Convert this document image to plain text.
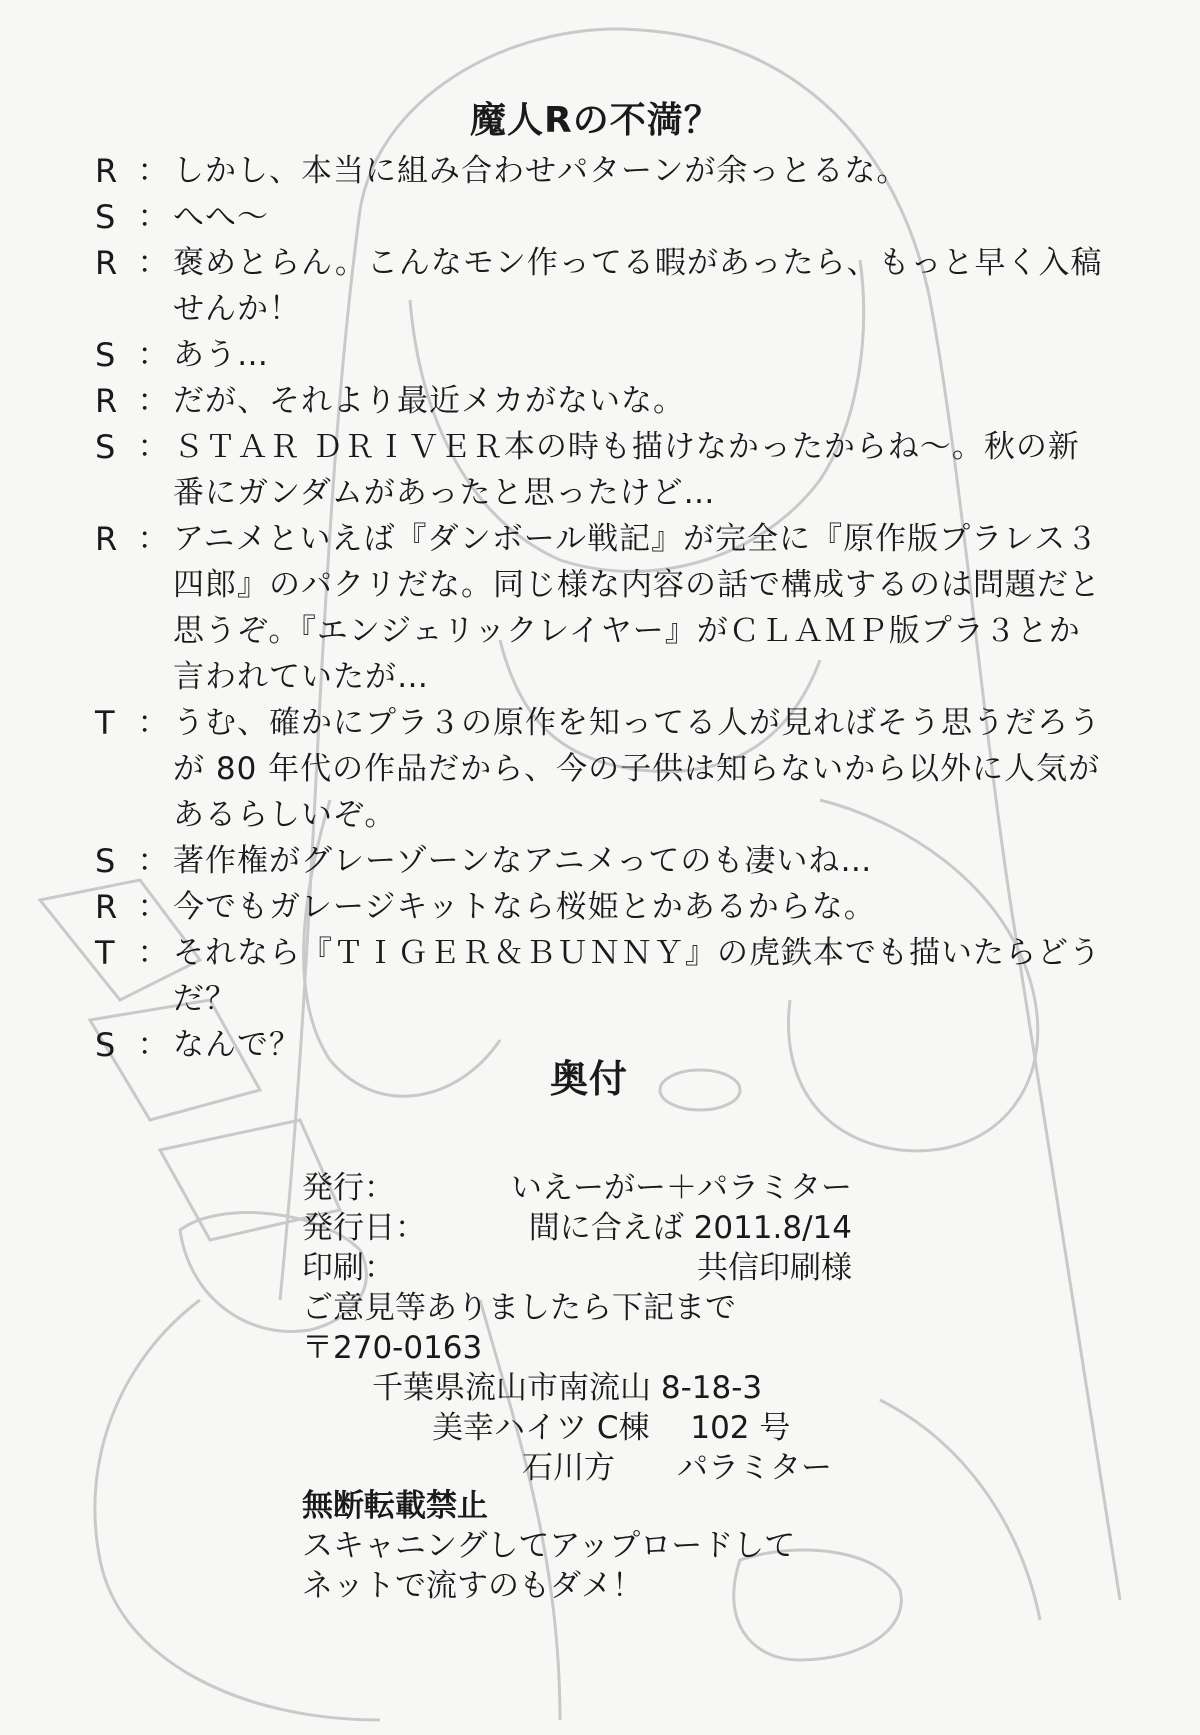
魔人Rの不満？
R ： しかし、本当に組み合わせパターンが余っとるな。
S ： へへ～
R ： 褒めとらん。こんなモン作ってる暇があったら、もっと早く入稿
せんか！
S ： あう…
R ： だが、それより最近メカがないな。
S ： ＳＴＡＲ ＤＲＩＶＥＲ本の時も描けなかったからね～。秋の新
番にガンダムがあったと思ったけど…
R ： アニメといえば『ダンボール戦記』が完全に『原作版プラレス３
四郎』のパクリだな。同じ様な内容の話で構成するのは問題だと
思うぞ。『エンジェリックレイヤー』がＣＬＡＭＰ版プラ３とか
言われていたが…
T ： うむ、確かにプラ３の原作を知ってる人が見ればそう思うだろう
が 80 年代の作品だから、今の子供は知らないから以外に人気が
あるらしいぞ。
S ： 著作権がグレーゾーンなアニメってのも凄いね…
R ： 今でもガレージキットなら桜姫とかあるからな。
T ： それなら『ＴＩＧＥＲ＆ＢＵＮＮＹ』の虎鉄本でも描いたらどう
だ？
S ： なんで？
奥付
発行：	いえーがー＋パラミター
発行日：	間に合えば 2011.8/14
印刷：	共信印刷様
ご意見等ありましたら下記まで
〒270-0163
千葉県流山市南流山 8-18-3
美幸ハイツ C棟　 102 号
石川方　　パラミター
無断転載禁止
スキャニングしてアップロードして
ネットで流すのもダメ！
